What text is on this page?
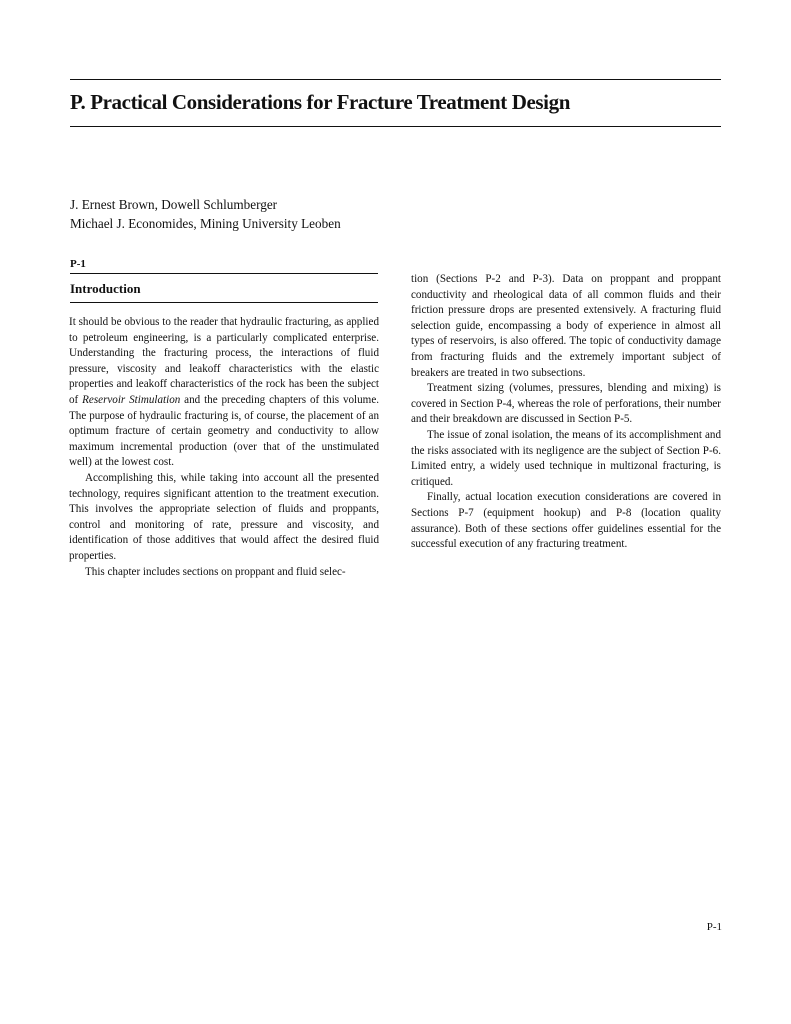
P. Practical Considerations for Fracture Treatment Design
J. Ernest Brown, Dowell Schlumberger
Michael J. Economides, Mining University Leoben
P-1
Introduction

It should be obvious to the reader that hydraulic fracturing, as applied to petroleum engineering, is a particularly complicated enterprise. Understanding the fracturing process, the interactions of fluid pressure, viscosity and leakoff characteristics with the elastic properties and leakoff characteristics of the rock has been the subject of Reservoir Stimulation and the preceding chapters of this volume. The purpose of hydraulic fracturing is, of course, the placement of an optimum fracture of certain geometry and conductivity to allow maximum incremental production (over that of the unstimulated well) at the lowest cost.

Accomplishing this, while taking into account all the presented technology, requires significant attention to the treatment execution. This involves the appropriate selection of fluids and proppants, control and monitoring of rate, pressure and viscosity, and identification of those additives that would affect the desired fluid properties.

This chapter includes sections on proppant and fluid selec-

tion (Sections P-2 and P-3). Data on proppant and proppant conductivity and rheological data of all common fluids and their friction pressure drops are presented extensively. A fracturing fluid selection guide, encompassing a body of experience in almost all types of reservoirs, is also offered. The topic of conductivity damage from fracturing fluids and the extremely important subject of breakers are treated in two subsections.

Treatment sizing (volumes, pressures, blending and mixing) is covered in Section P-4, whereas the role of perforations, their number and their breakdown are discussed in Section P-5.

The issue of zonal isolation, the means of its accomplishment and the risks associated with its negligence are the subject of Section P-6. Limited entry, a widely used technique in multizonal fracturing, is critiqued.

Finally, actual location execution considerations are covered in Sections P-7 (equipment hookup) and P-8 (location quality assurance). Both of these sections offer guidelines essential for the successful execution of any fracturing treatment.

P-1
